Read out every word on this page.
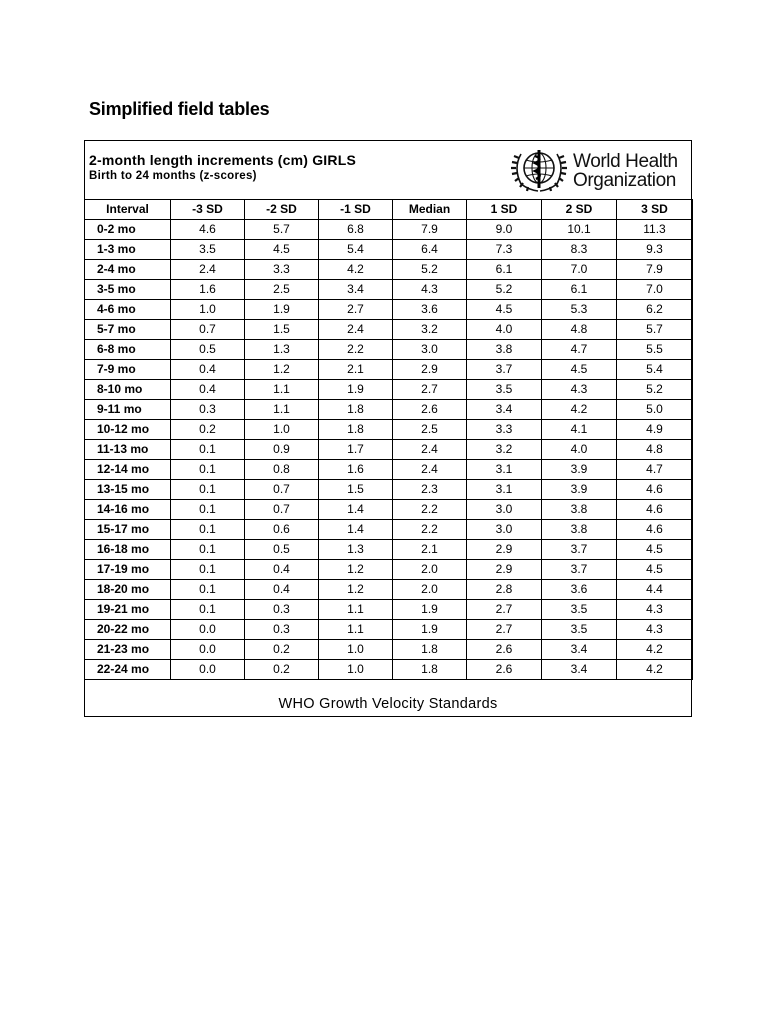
Simplified field tables
2-month length increments (cm) GIRLS
Birth to 24 months (z-scores)
World Health
Organization
Interval	-3 SD	-2 SD	-1 SD	Median	1 SD	2 SD	3 SD
0-2 mo	4.6	5.7	6.8	7.9	9.0	10.1	11.3
1-3 mo	3.5	4.5	5.4	6.4	7.3	8.3	9.3
2-4 mo	2.4	3.3	4.2	5.2	6.1	7.0	7.9
3-5 mo	1.6	2.5	3.4	4.3	5.2	6.1	7.0
4-6 mo	1.0	1.9	2.7	3.6	4.5	5.3	6.2
5-7 mo	0.7	1.5	2.4	3.2	4.0	4.8	5.7
6-8 mo	0.5	1.3	2.2	3.0	3.8	4.7	5.5
7-9 mo	0.4	1.2	2.1	2.9	3.7	4.5	5.4
8-10 mo	0.4	1.1	1.9	2.7	3.5	4.3	5.2
9-11 mo	0.3	1.1	1.8	2.6	3.4	4.2	5.0
10-12 mo	0.2	1.0	1.8	2.5	3.3	4.1	4.9
11-13 mo	0.1	0.9	1.7	2.4	3.2	4.0	4.8
12-14 mo	0.1	0.8	1.6	2.4	3.1	3.9	4.7
13-15 mo	0.1	0.7	1.5	2.3	3.1	3.9	4.6
14-16 mo	0.1	0.7	1.4	2.2	3.0	3.8	4.6
15-17 mo	0.1	0.6	1.4	2.2	3.0	3.8	4.6
16-18 mo	0.1	0.5	1.3	2.1	2.9	3.7	4.5
17-19 mo	0.1	0.4	1.2	2.0	2.9	3.7	4.5
18-20 mo	0.1	0.4	1.2	2.0	2.8	3.6	4.4
19-21 mo	0.1	0.3	1.1	1.9	2.7	3.5	4.3
20-22 mo	0.0	0.3	1.1	1.9	2.7	3.5	4.3
21-23 mo	0.0	0.2	1.0	1.8	2.6	3.4	4.2
22-24 mo	0.0	0.2	1.0	1.8	2.6	3.4	4.2
WHO Growth Velocity Standards
